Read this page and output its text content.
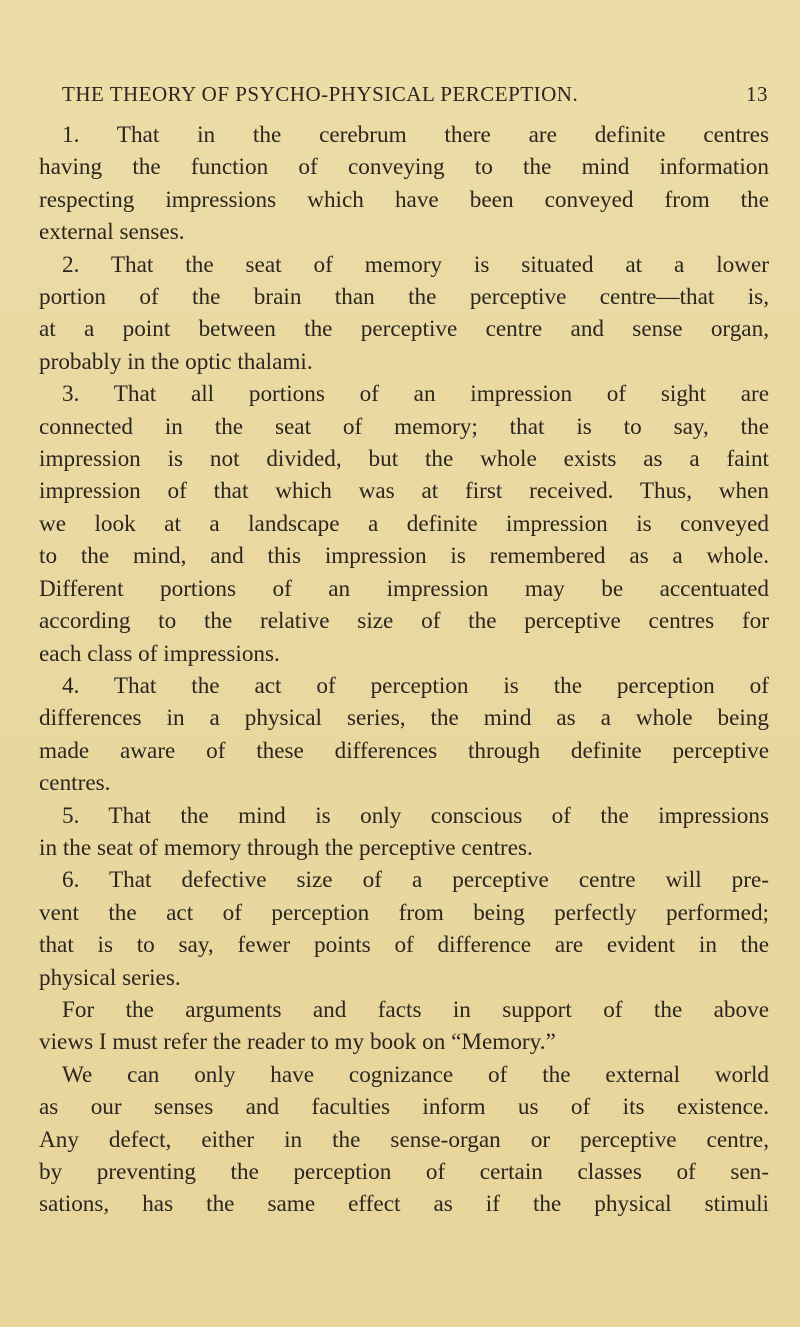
THE THEORY OF PSYCHO-PHYSICAL PERCEPTION.	13
1. That in the cerebrum there are definite centres
having the function of conveying to the mind information
respecting impressions which have been conveyed from the
external senses.
2. That the seat of memory is situated at a lower
portion of the brain than the perceptive centre—that is,
at a point between the perceptive centre and sense organ,
probably in the optic thalami.
3. That all portions of an impression of sight are
connected in the seat of memory; that is to say, the
impression is not divided, but the whole exists as a faint
impression of that which was at first received. Thus, when
we look at a landscape a definite impression is conveyed
to the mind, and this impression is remembered as a whole.
Different portions of an impression may be accentuated
according to the relative size of the perceptive centres for
each class of impressions.
4. That the act of perception is the perception of
differences in a physical series, the mind as a whole being
made aware of these differences through definite perceptive
centres.
5. That the mind is only conscious of the impressions
in the seat of memory through the perceptive centres.
6. That defective size of a perceptive centre will pre-
vent the act of perception from being perfectly performed;
that is to say, fewer points of difference are evident in the
physical series.
For the arguments and facts in support of the above
views I must refer the reader to my book on “Memory.”
We can only have cognizance of the external world
as our senses and faculties inform us of its existence.
Any defect, either in the sense-organ or perceptive centre,
by preventing the perception of certain classes of sen-
sations, has the same effect as if the physical stimuli
